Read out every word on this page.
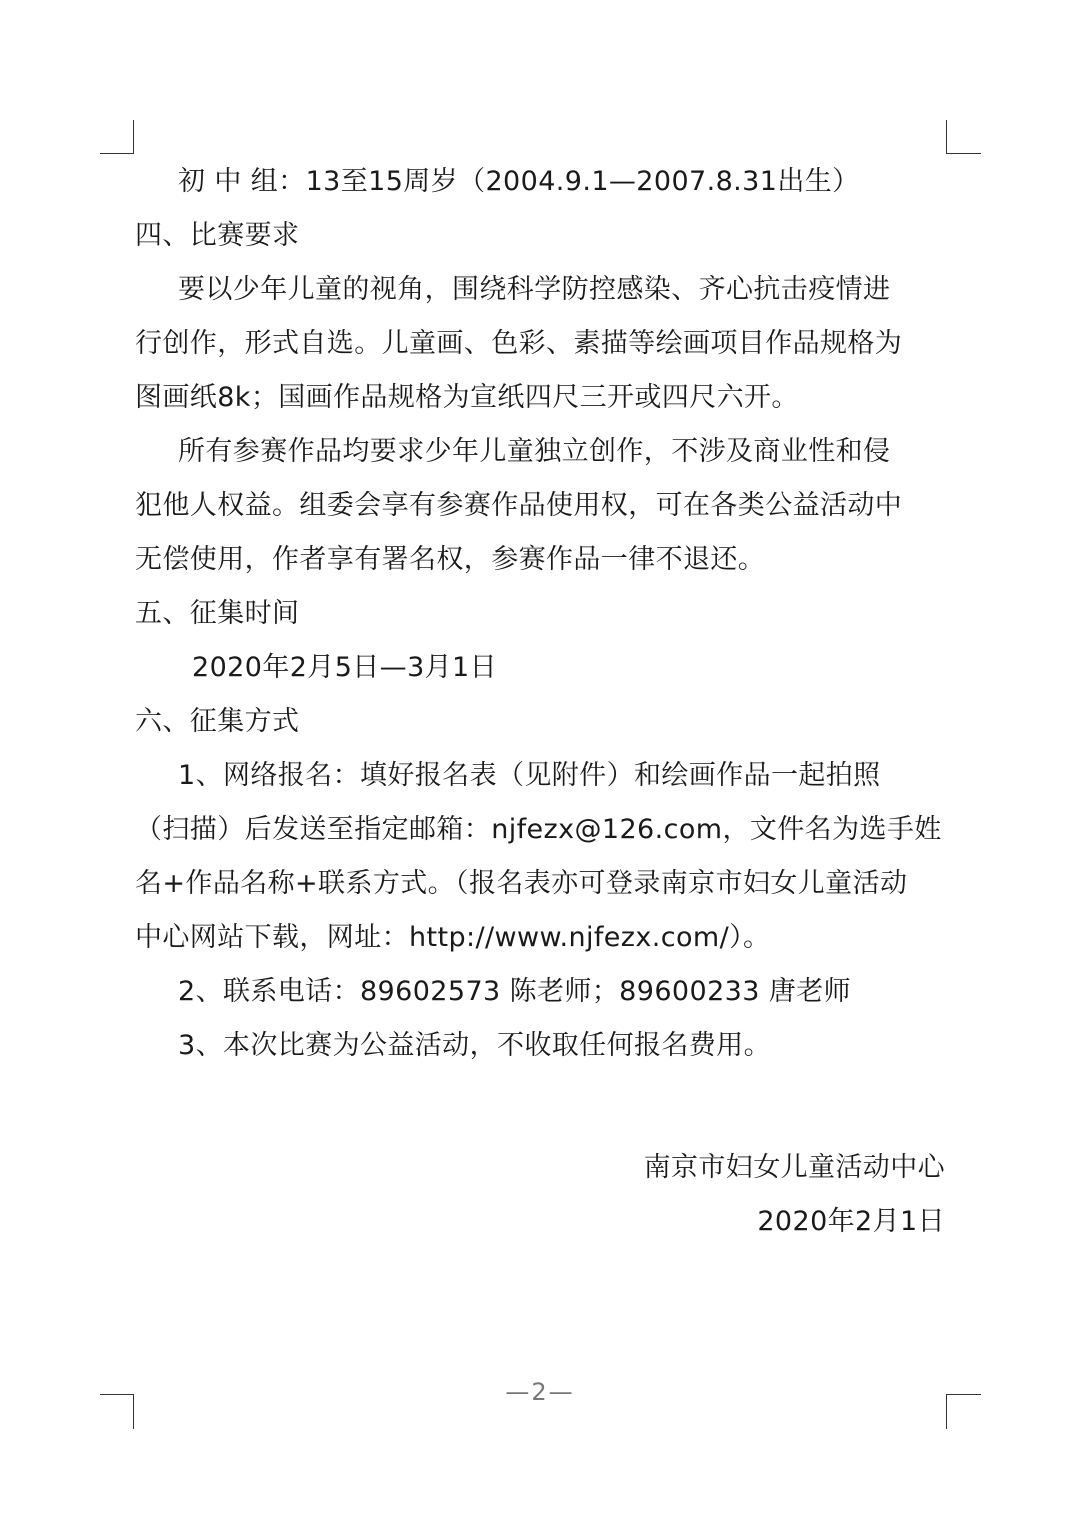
初 中 组：13至15周岁（2004.9.1—2007.8.31出生）
四、比赛要求
要以少年儿童的视角，围绕科学防控感染、齐心抗击疫情进
行创作，形式自选。儿童画、色彩、素描等绘画项目作品规格为
图画纸8k；国画作品规格为宣纸四尺三开或四尺六开。
所有参赛作品均要求少年儿童独立创作，不涉及商业性和侵
犯他人权益。组委会享有参赛作品使用权，可在各类公益活动中
无偿使用，作者享有署名权，参赛作品一律不退还。
五、征集时间
2020年2月5日—3月1日
六、征集方式
1、网络报名：填好报名表（见附件）和绘画作品一起拍照
（扫描）后发送至指定邮箱：njfezx@126.com，文件名为选手姓
名+作品名称+联系方式。（报名表亦可登录南京市妇女儿童活动
中心网站下载，网址：http://www.njfezx.com/）。
2、联系电话：89602573 陈老师；89600233 唐老师
3、本次比赛为公益活动，不收取任何报名费用。
南京市妇女儿童活动中心
2020年2月1日
—2—
